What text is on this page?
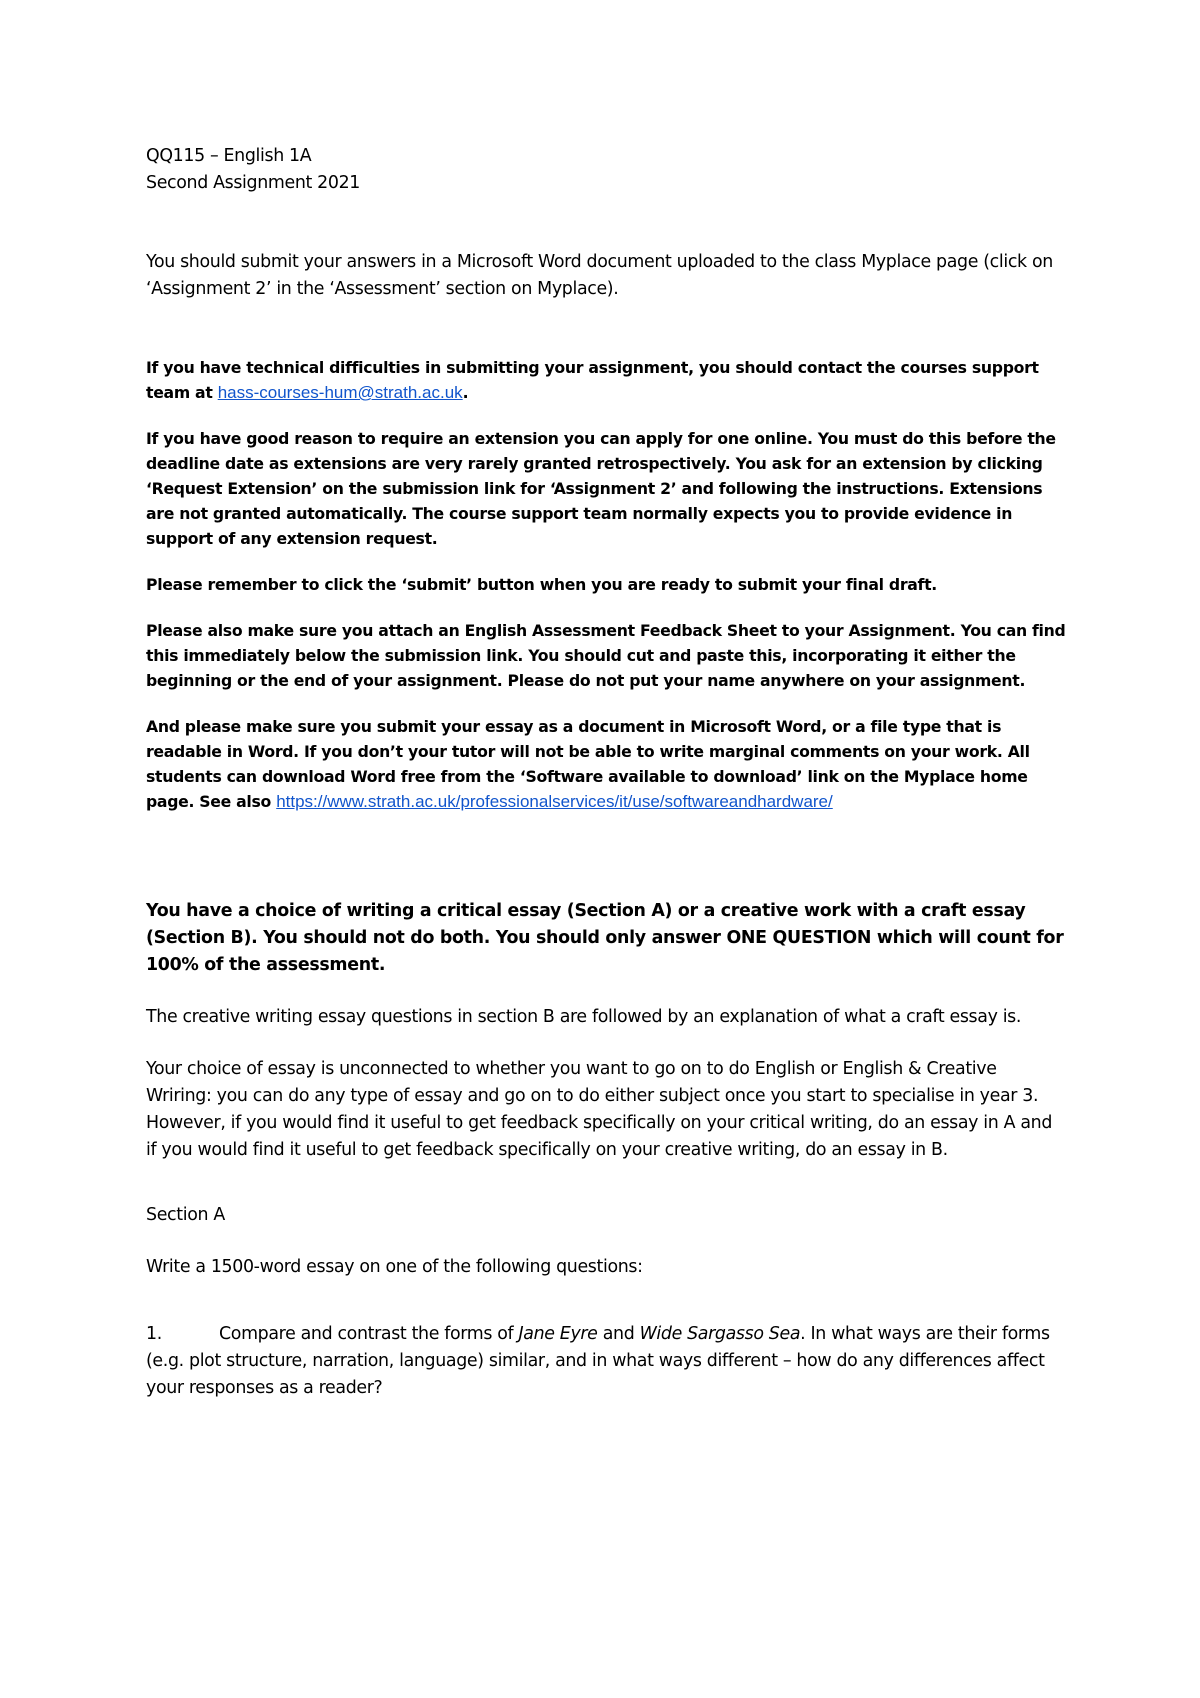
QQ115 – English 1A

Second Assignment 2021

You should submit your answers in a Microsoft Word document uploaded to the class Myplace page (click on ‘Assignment 2’ in the ‘Assessment’ section on Myplace).

If you have technical difficulties in submitting your assignment, you should contact the courses support team at hass-courses-hum@strath.ac.uk.

If you have good reason to require an extension you can apply for one online. You must do this before the deadline date as extensions are very rarely granted retrospectively. You ask for an extension by clicking ‘Request Extension’ on the submission link for ‘Assignment 2’ and following the instructions. Extensions are not granted automatically. The course support team normally expects you to provide evidence in support of any extension request.

Please remember to click the ‘submit’ button when you are ready to submit your final draft.

Please also make sure you attach an English Assessment Feedback Sheet to your Assignment. You can find this immediately below the submission link. You should cut and paste this, incorporating it either the beginning or the end of your assignment. Please do not put your name anywhere on your assignment.

And please make sure you submit your essay as a document in Microsoft Word, or a file type that is readable in Word. If you don’t your tutor will not be able to write marginal comments on your work. All students can download Word free from the ‘Software available to download’ link on the Myplace home page. See also https://www.strath.ac.uk/professionalservices/it/use/softwareandhardware/

You have a choice of writing a critical essay (Section A) or a creative work with a craft essay (Section B). You should not do both. You should only answer ONE QUESTION which will count for 100% of the assessment.

The creative writing essay questions in section B are followed by an explanation of what a craft essay is.

Your choice of essay is unconnected to whether you want to go on to do English or English & Creative Wriring: you can do any type of essay and go on to do either subject once you start to specialise in year 3. However, if you would find it useful to get feedback specifically on your critical writing, do an essay in A and if you would find it useful to get feedback specifically on your creative writing, do an essay in B.

Section A

Write a 1500-word essay on one of the following questions:

1.	Compare and contrast the forms of Jane Eyre and Wide Sargasso Sea. In what ways are their forms (e.g. plot structure, narration, language) similar, and in what ways different – how do any differences affect your responses as a reader?
